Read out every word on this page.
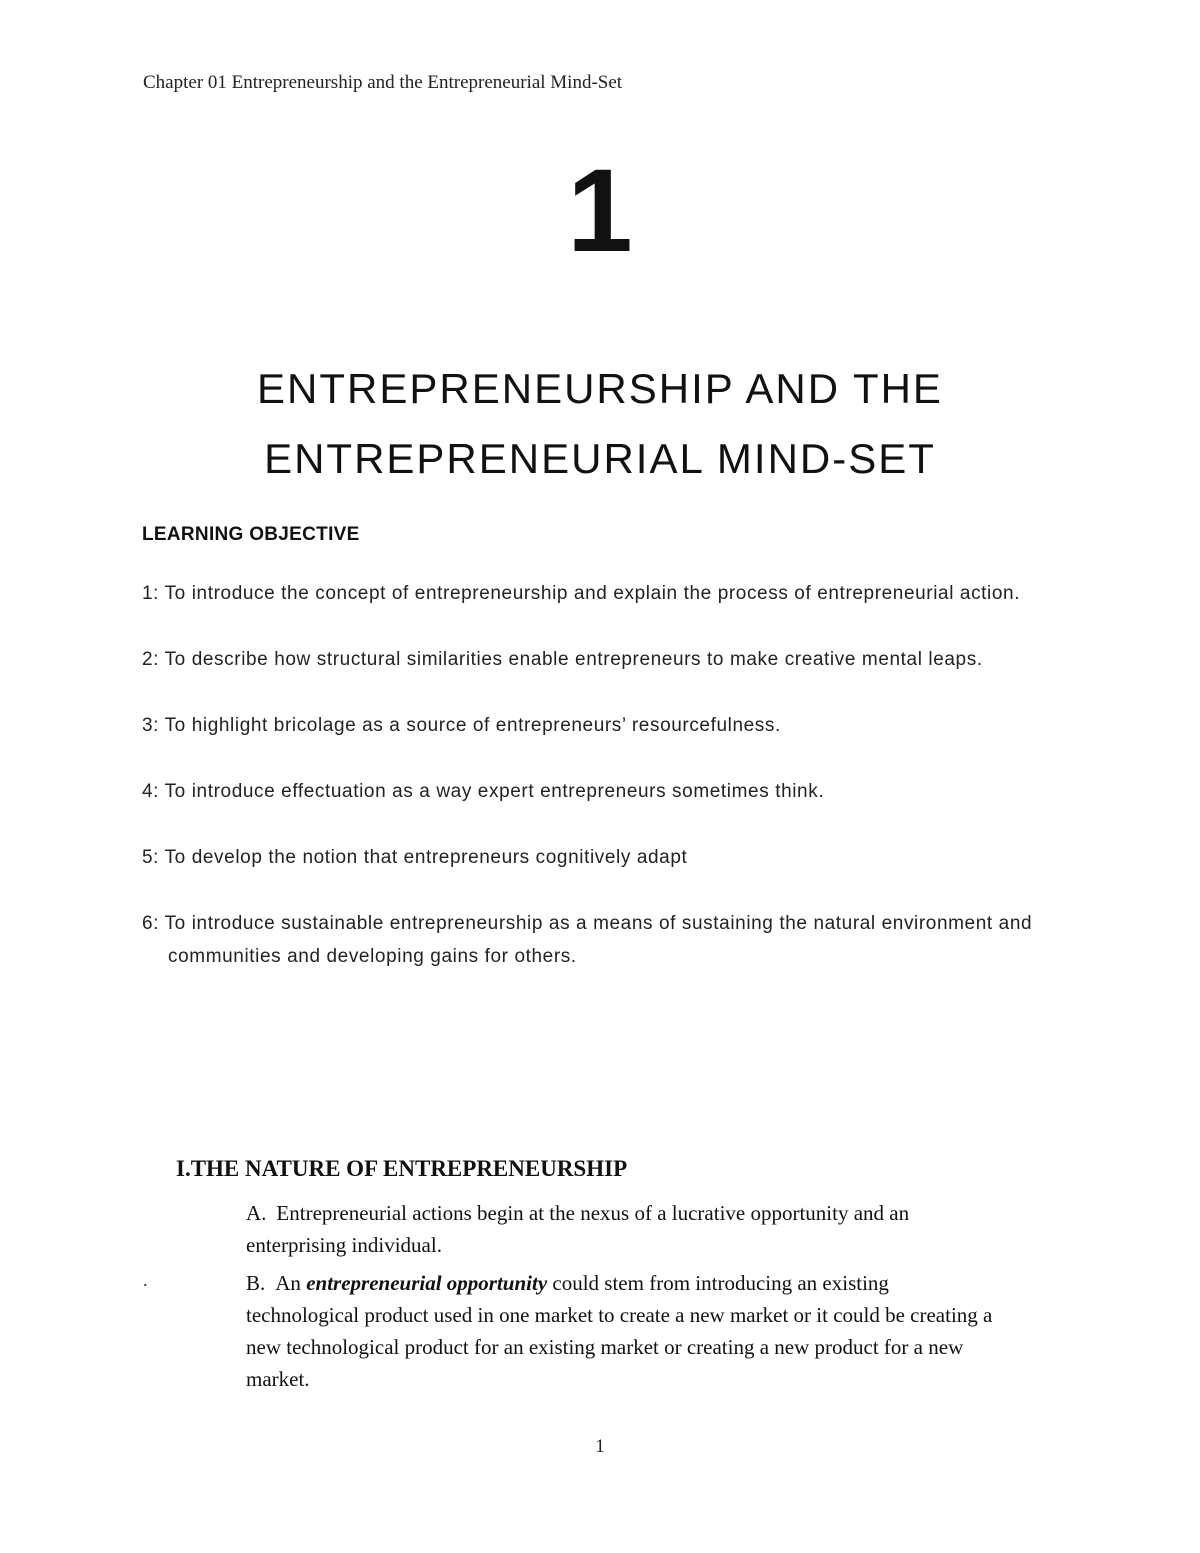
Chapter 01 Entrepreneurship and the Entrepreneurial Mind-Set
1
ENTREPRENEURSHIP AND THE
ENTREPRENEURIAL MIND-SET
LEARNING OBJECTIVE

1: To introduce the concept of entrepreneurship and explain the process of entrepreneurial action.

2: To describe how structural similarities enable entrepreneurs to make creative mental leaps.

3: To highlight bricolage as a source of entrepreneurs’ resourcefulness.

4: To introduce effectuation as a way expert entrepreneurs sometimes think.

5: To develop the notion that entrepreneurs cognitively adapt

6: To introduce sustainable entrepreneurship as a means of sustaining the natural environment and communities and developing gains for others.

I.THE NATURE OF ENTREPRENEURSHIP
A. Entrepreneurial actions begin at the nexus of a lucrative opportunity and an enterprising individual.
.	B. An entrepreneurial opportunity could stem from introducing an existing technological product used in one market to create a new market or it could be creating a new technological product for an existing market or creating a new product for a new market.
1
